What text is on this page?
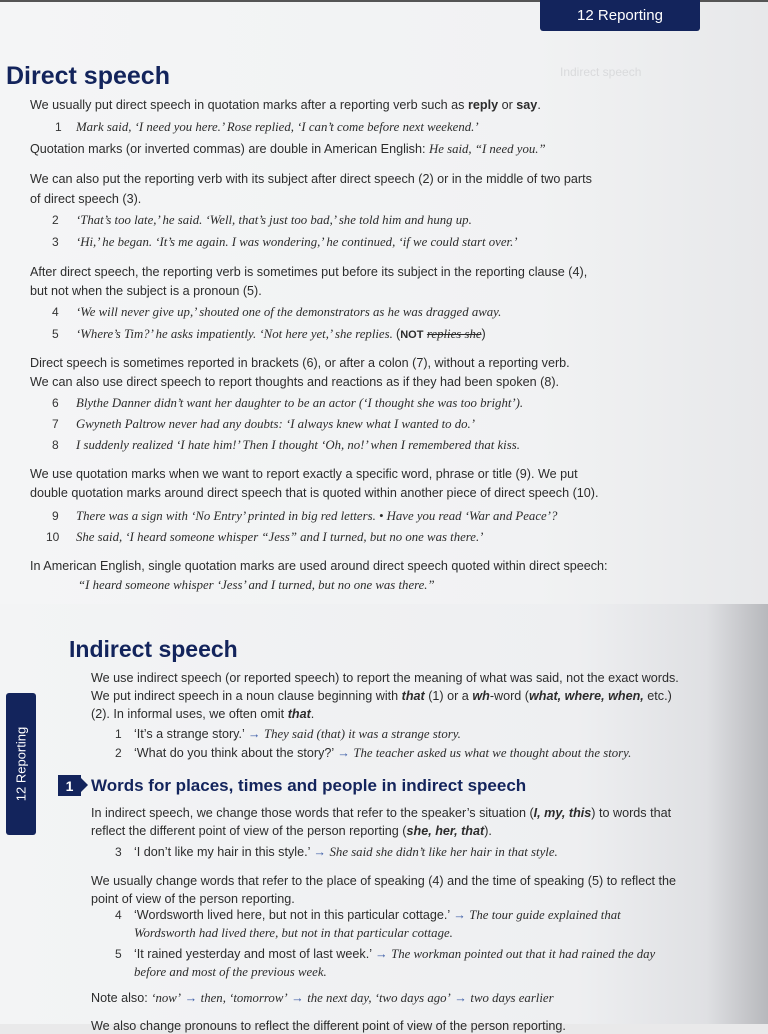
12 Reporting
Indirect speech
Direct speech
We usually put direct speech in quotation marks after a reporting verb such as reply or say.
1 Mark said, ‘I need you here.’ Rose replied, ‘I can’t come before next weekend.’
Quotation marks (or inverted commas) are double in American English: He said, “I need you.”
We can also put the reporting verb with its subject after direct speech (2) or in the middle of two parts
of direct speech (3).
2 ‘That’s too late,’ he said. ‘Well, that’s just too bad,’ she told him and hung up.
3 ‘Hi,’ he began. ‘It’s me again. I was wondering,’ he continued, ‘if we could start over.’
After direct speech, the reporting verb is sometimes put before its subject in the reporting clause (4),
but not when the subject is a pronoun (5).
4 ‘We will never give up,’ shouted one of the demonstrators as he was dragged away.
5 ‘Where’s Tim?’ he asks impatiently. ‘Not here yet,’ she replies. (NOT replies she)
Direct speech is sometimes reported in brackets (6), or after a colon (7), without a reporting verb.
We can also use direct speech to report thoughts and reactions as if they had been spoken (8).
6 Blythe Danner didn’t want her daughter to be an actor (‘I thought she was too bright’).
7 Gwyneth Paltrow never had any doubts: ‘I always knew what I wanted to do.’
8 I suddenly realized ‘I hate him!’ Then I thought ‘Oh, no!’ when I remembered that kiss.
We use quotation marks when we want to report exactly a specific word, phrase or title (9). We put
double quotation marks around direct speech that is quoted within another piece of direct speech (10).
9 There was a sign with ‘No Entry’ printed in big red letters. • Have you read ‘War and Peace’?
10 She said, ‘I heard someone whisper “Jess” and I turned, but no one was there.’
In American English, single quotation marks are used around direct speech quoted within direct speech:
“I heard someone whisper ‘Jess’ and I turned, but no one was there.”
12 Reporting
Indirect speech
We use indirect speech (or reported speech) to report the meaning of what was said, not the exact words.
We put indirect speech in a noun clause beginning with that (1) or a wh-word (what, where, when, etc.)
(2). In informal uses, we often omit that.
1 ‘It’s a strange story.’ → They said (that) it was a strange story.
2 ‘What do you think about the story?’ → The teacher asked us what we thought about the story.
1	Words for places, times and people in indirect speech
In indirect speech, we change those words that refer to the speaker’s situation (I, my, this) to words that
reflect the different point of view of the person reporting (she, her, that).
3 ‘I don’t like my hair in this style.’ → She said she didn’t like her hair in that style.
We usually change words that refer to the place of speaking (4) and the time of speaking (5) to reflect the
point of view of the person reporting.
4 ‘Wordsworth lived here, but not in this particular cottage.’ → The tour guide explained that
Wordsworth had lived there, but not in that particular cottage.
5 ‘It rained yesterday and most of last week.’ → The workman pointed out that it had rained the day
before and most of the previous week.
Note also: ‘now’ → then, ‘tomorrow’ → the next day, ‘two days ago’ → two days earlier
We also change pronouns to reflect the different point of view of the person reporting.
